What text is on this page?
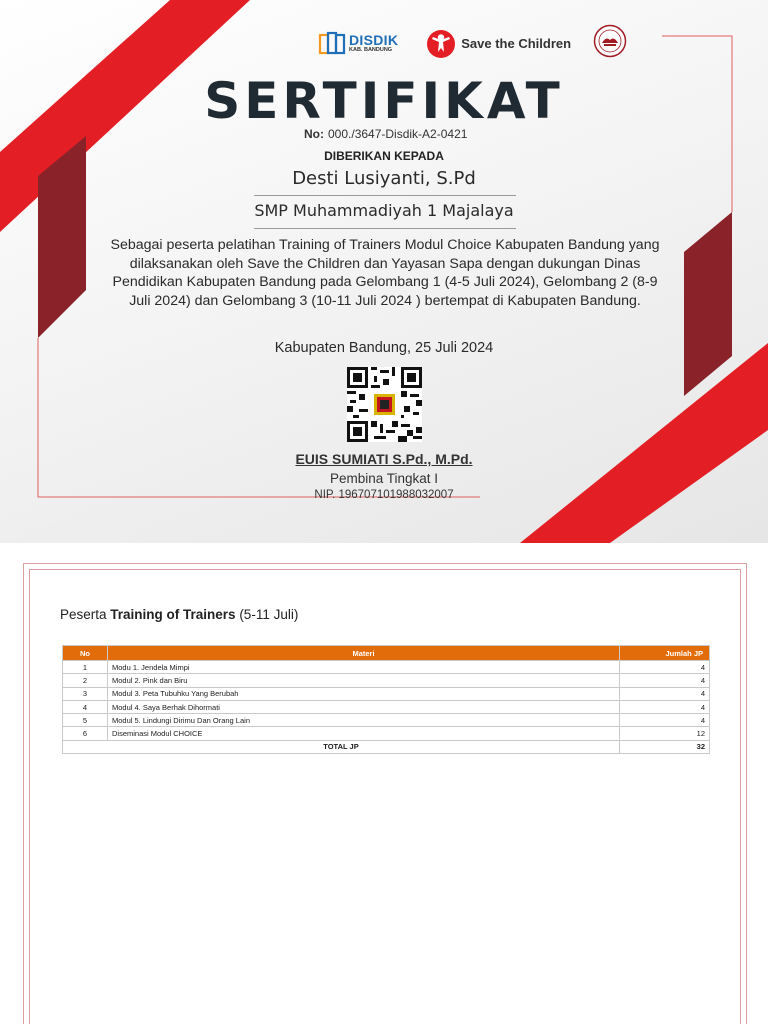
DISDIK
KAB. BANDUNG	Save the Children
SERTIFIKAT
No: 000./3647-Disdik-A2-0421
DIBERIKAN KEPADA
Desti Lusiyanti, S.Pd
SMP Muhammadiyah 1 Majalaya
Sebagai peserta pelatihan Training of Trainers Modul Choice Kabupaten Bandung yang dilaksanakan oleh Save the Children dan Yayasan Sapa dengan dukungan Dinas Pendidikan Kabupaten Bandung pada Gelombang 1 (4-5 Juli 2024), Gelombang 2 (8-9 Juli 2024) dan Gelombang 3 (10-11 Juli 2024 ) bertempat di Kabupaten Bandung.
Kabupaten Bandung, 25 Juli 2024
EUIS SUMIATI S.Pd., M.Pd.
Pembina Tingkat I
NIP. 196707101988032007
Peserta Training of Trainers (5-11 Juli)
No	Materi	Jumlah JP
1	Modu 1. Jendela Mimpi	4
2	Modul 2. Pink dan Biru	4
3	Modul 3. Peta Tubuhku Yang Berubah	4
4	Modul 4. Saya Berhak Dihormati	4
5	Modul 5. Lindungi Dirimu Dan Orang Lain	4
6	Diseminasi Modul CHOICE	12
TOTAL JP		32
